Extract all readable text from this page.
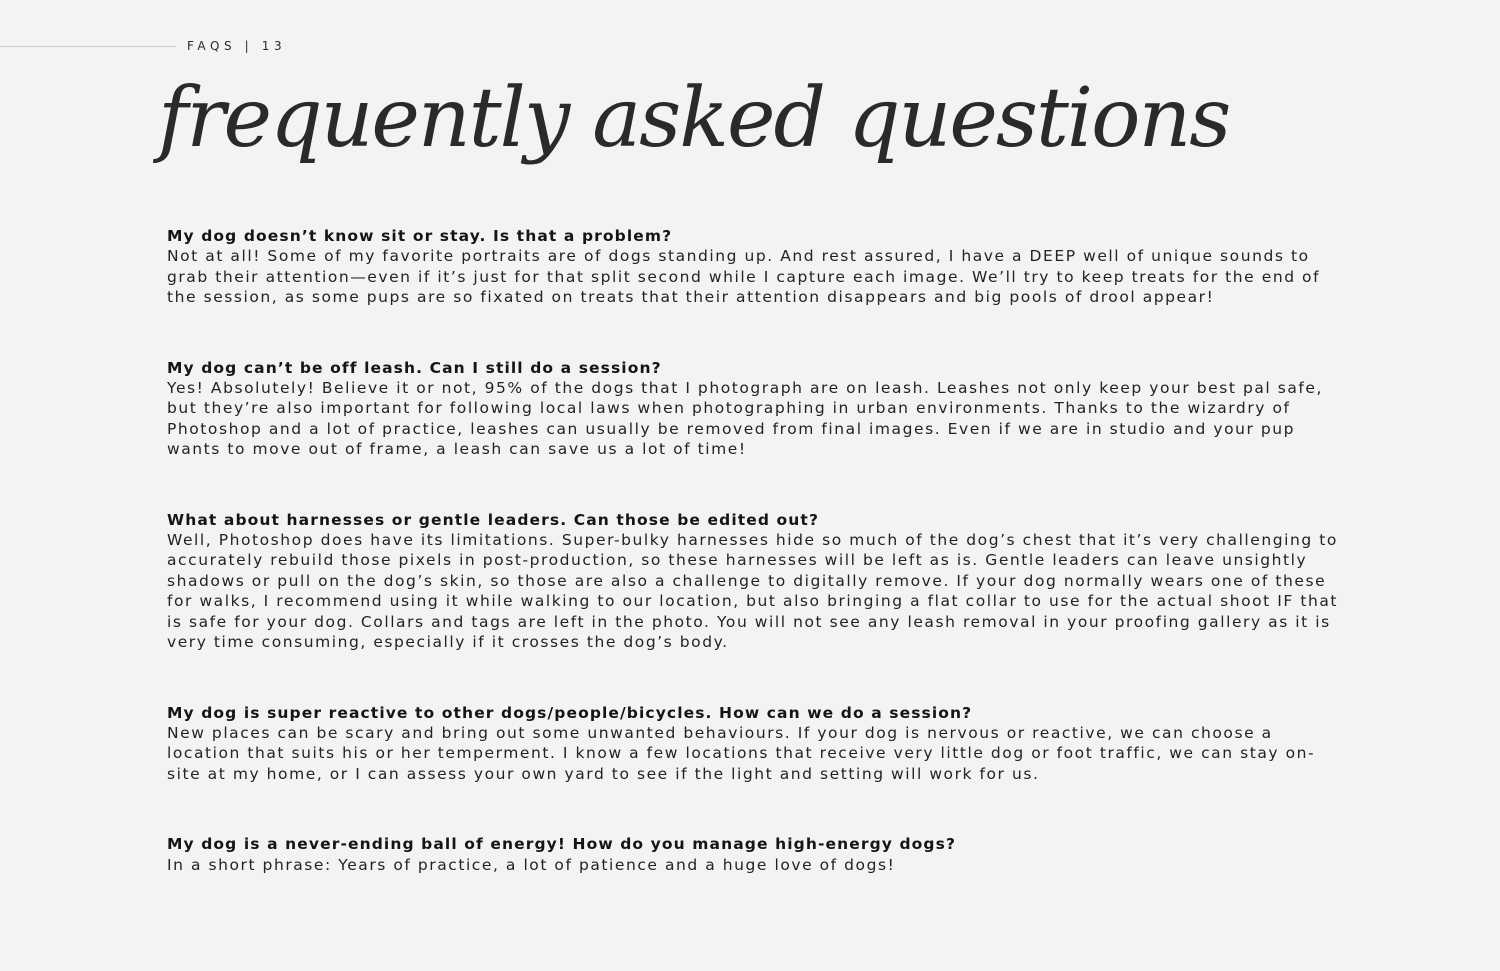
FAQS | 13
frequently asked questions

My dog doesn’t know sit or stay. Is that a problem?

Not at all! Some of my favorite portraits are of dogs standing up. And rest assured, I have a DEEP well of unique sounds to grab their attention—even if it’s just for that split second while I capture each image. We’ll try to keep treats for the end of the session, as some pups are so fixated on treats that their attention disappears and big pools of drool appear!

My dog can’t be off leash. Can I still do a session?

Yes! Absolutely! Believe it or not, 95% of the dogs that I photograph are on leash. Leashes not only keep your best pal safe, but they’re also important for following local laws when photographing in urban environments. Thanks to the wizardry of Photoshop and a lot of practice, leashes can usually be removed from final images. Even if we are in studio and your pup wants to move out of frame, a leash can save us a lot of time!

What about harnesses or gentle leaders. Can those be edited out?

Well, Photoshop does have its limitations. Super-bulky harnesses hide so much of the dog’s chest that it’s very challenging to accurately rebuild those pixels in post-production, so these harnesses will be left as is. Gentle leaders can leave unsightly shadows or pull on the dog’s skin, so those are also a challenge to digitally remove. If your dog normally wears one of these for walks, I recommend using it while walking to our location, but also bringing a flat collar to use for the actual shoot IF that is safe for your dog. Collars and tags are left in the photo. You will not see any leash removal in your proofing gallery as it is very time consuming, especially if it crosses the dog’s body.

My dog is super reactive to other dogs/people/bicycles. How can we do a session?

New places can be scary and bring out some unwanted behaviours. If your dog is nervous or reactive, we can choose a location that suits his or her temperment. I know a few locations that receive very little dog or foot traffic, we can stay on-site at my home, or I can assess your own yard to see if the light and setting will work for us.

My dog is a never-ending ball of energy! How do you manage high-energy dogs?

In a short phrase: Years of practice, a lot of patience and a huge love of dogs!
